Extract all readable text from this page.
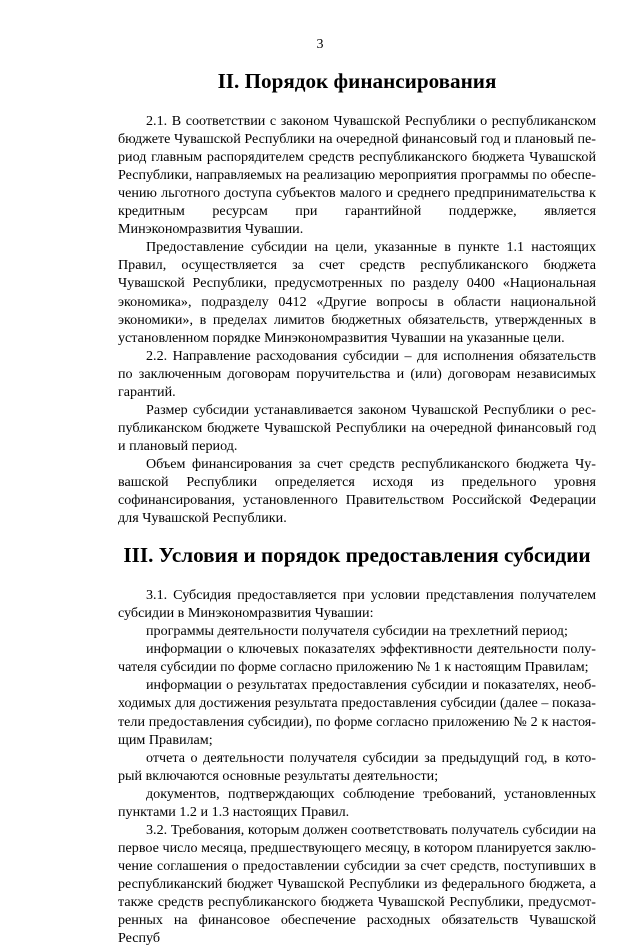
3
II. Порядок финансирования

2.1. В соответствии с законом Чувашской Республики о республиканском бюджете Чувашской Республики на очередной финансовый год и плановый период главным распорядителем средств республиканского бюджета Чувашской Республики, направляемых на реализацию мероприятия программы по обеспечению льготного доступа субъектов малого и среднего предпринимательства к кредитным ресурсам при гарантийной поддержке, является Минэкономразвития Чувашии.

Предоставление субсидии на цели, указанные в пункте 1.1 настоящих Правил, осуществляется за счет средств республиканского бюджета Чувашской Республики, предусмотренных по разделу 0400 «Национальная экономика», подразделу 0412 «Другие вопросы в области национальной экономики», в пределах лимитов бюджетных обязательств, утвержденных в установленном порядке Минэкономразвития Чувашии на указанные цели.

2.2. Направление расходования субсидии – для исполнения обязательств по заключенным договорам поручительства и (или) договорам независимых гарантий.

Размер субсидии устанавливается законом Чувашской Республики о республиканском бюджете Чувашской Республики на очередной финансовый год и плановый период.

Объем финансирования за счет средств республиканского бюджета Чувашской Республики определяется исходя из предельного уровня софинансирования, установленного Правительством Российской Федерации для Чувашской Республики.

III. Условия и порядок предоставления субсидии

3.1. Субсидия предоставляется при условии представления получателем субсидии в Минэкономразвития Чувашии:

программы деятельности получателя субсидии на трехлетний период;

информации о ключевых показателях эффективности деятельности получателя субсидии по форме согласно приложению № 1 к настоящим Правилам;

информации о результатах предоставления субсидии и показателях, необходимых для достижения результата предоставления субсидии (далее – показатели предоставления субсидии), по форме согласно приложению № 2 к настоящим Правилам;

отчета о деятельности получателя субсидии за предыдущий год, в который включаются основные результаты деятельности;

документов, подтверждающих соблюдение требований, установленных пунктами 1.2 и 1.3 настоящих Правил.

3.2. Требования, которым должен соответствовать получатель субсидии на первое число месяца, предшествующего месяцу, в котором планируется заключение соглашения о предоставлении субсидии за счет средств, поступивших в республиканский бюджет Чувашской Республики из федерального бюджета, а также средств республиканского бюджета Чувашской Республики, предусмотренных на финансовое обеспечение расходных обязательств Чувашской Респуб
